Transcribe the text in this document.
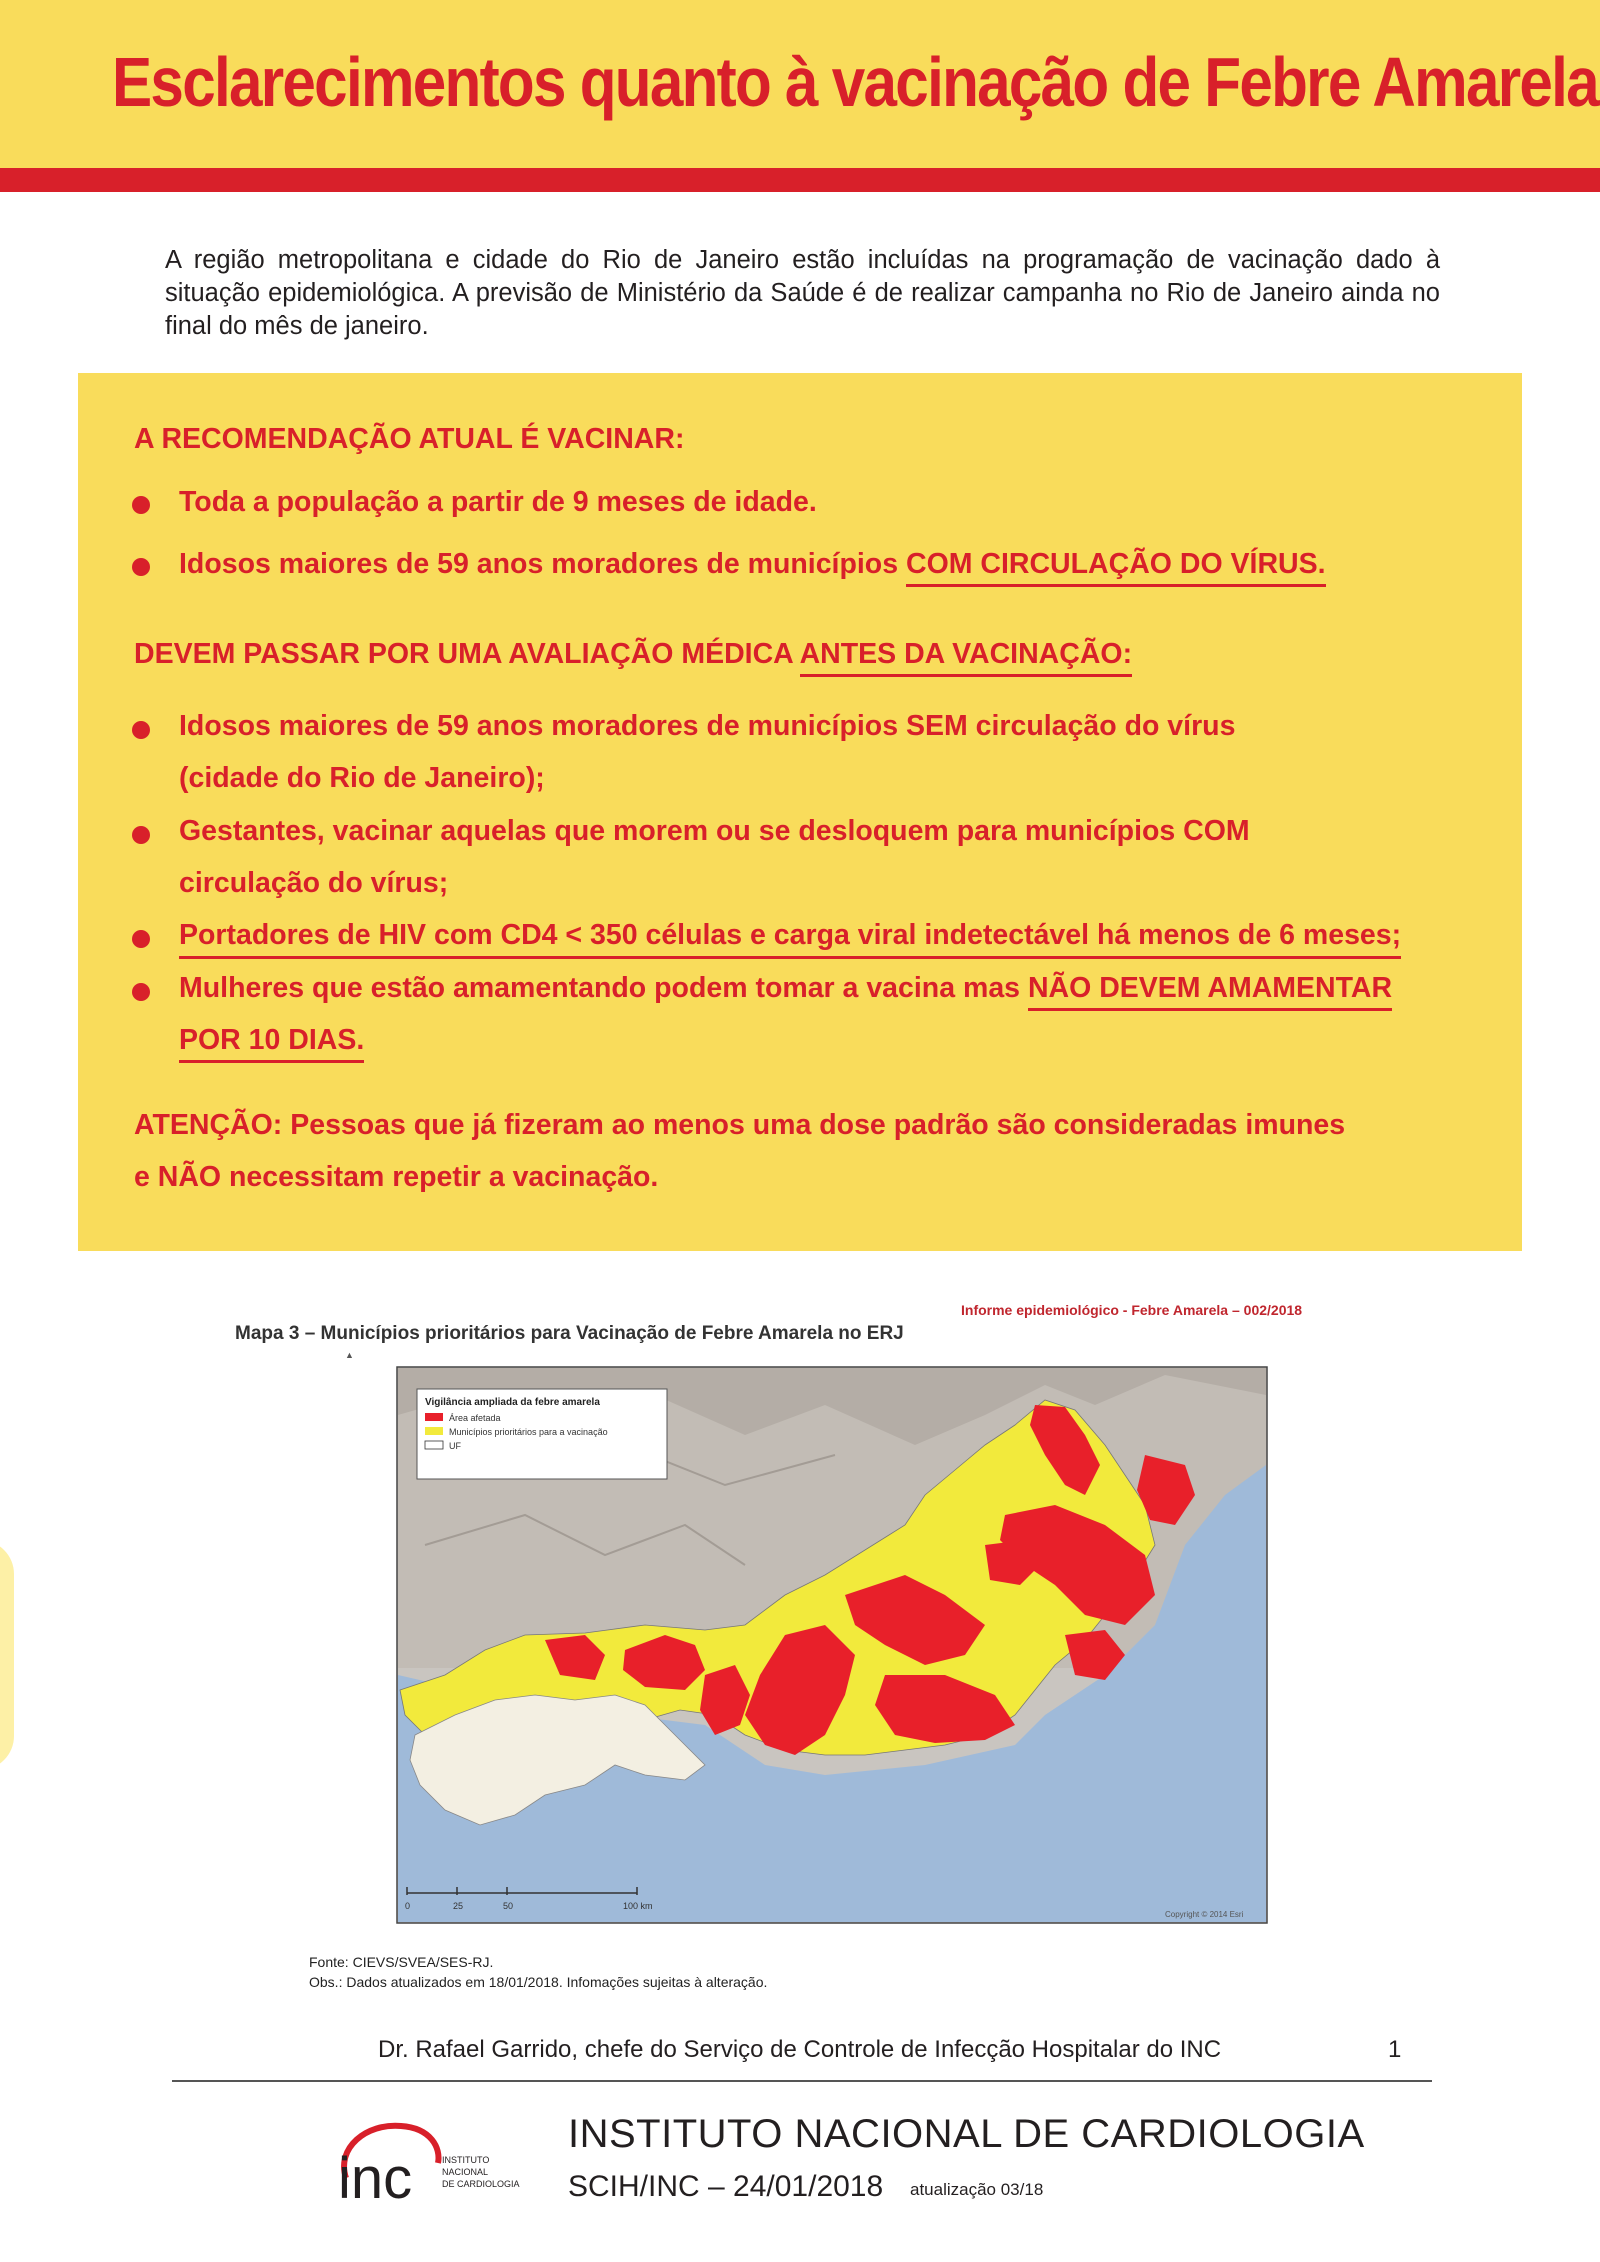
Esclarecimentos quanto à vacinação de Febre Amarela
A região metropolitana e cidade do Rio de Janeiro estão incluídas na programação de vacinação dado à situação epidemiológica. A previsão de Ministério da Saúde é de realizar campanha no Rio de Janeiro ainda no final do mês de janeiro.
A RECOMENDAÇÃO ATUAL É VACINAR:
Toda a população a partir de 9 meses de idade.
Idosos maiores de 59 anos moradores de municípios COM CIRCULAÇÃO DO VÍRUS.
DEVEM PASSAR POR UMA AVALIAÇÃO MÉDICA ANTES DA VACINAÇÃO:
Idosos maiores de 59 anos moradores de municípios SEM circulação do vírus
(cidade do Rio de Janeiro);
Gestantes, vacinar aquelas que morem ou se desloquem para municípios COM
circulação do vírus;
Portadores de HIV com CD4 < 350 células e carga viral indetectável há menos de 6 meses;
Mulheres que estão amamentando podem tomar a vacina mas NÃO DEVEM AMAMENTAR
POR 10 DIAS.
ATENÇÃO: Pessoas que já fizeram ao menos uma dose padrão são consideradas imunes
e NÃO necessitam repetir a vacinação.
Informe epidemiológico - Febre Amarela – 002/2018
Mapa 3 – Municípios prioritários para Vacinação de Febre Amarela no ERJ
▲
Vigilância ampliada da febre amarela
Área afetada
Municípios prioritários para a vacinação
UF
0	25	50	100 km
Copyright © 2014 Esri
Fonte: CIEVS/SVEA/SES-RJ.
Obs.: Dados atualizados em 18/01/2018. Infomações sujeitas à alteração.
Dr. Rafael Garrido, chefe do Serviço de Controle de Infecção Hospitalar do INC	1
inc	INSTITUTO
NACIONAL
DE CARDIOLOGIA
INSTITUTO NACIONAL DE CARDIOLOGIA
SCIH/INC – 24/01/2018 atualização 03/18
